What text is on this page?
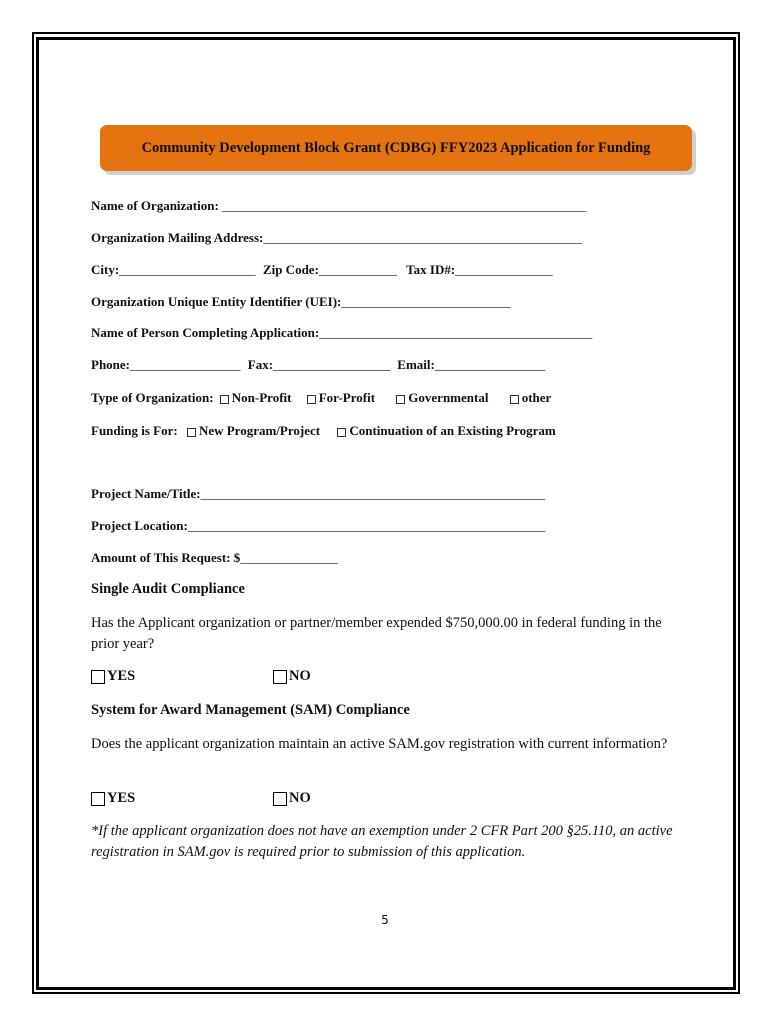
Community Development Block Grant (CDBG) FFY2023 Application for Funding
Name of Organization: ________________________________________________________
Organization Mailing Address:_________________________________________________
City:_____________________ Zip Code:____________ Tax ID#:_______________
Organization Unique Entity Identifier (UEI):__________________________
Name of Person Completing Application:__________________________________________
Phone:_________________ Fax:__________________ Email:_________________
Type of Organization: Non-Profit For-Profit	Governmental	other
Funding is For: New Program/Project Continuation of an Existing Program
Project Name/Title:_____________________________________________________
Project Location:_______________________________________________________
Amount of This Request: $_______________
Single Audit Compliance
Has the Applicant organization or partner/member expended $750,000.00 in federal funding in the prior year?
YES	NO
System for Award Management (SAM) Compliance
Does the applicant organization maintain an active SAM.gov registration with current information?
YES	NO
*If the applicant organization does not have an exemption under 2 CFR Part 200 §25.110, an active registration in SAM.gov is required prior to submission of this application.
5
